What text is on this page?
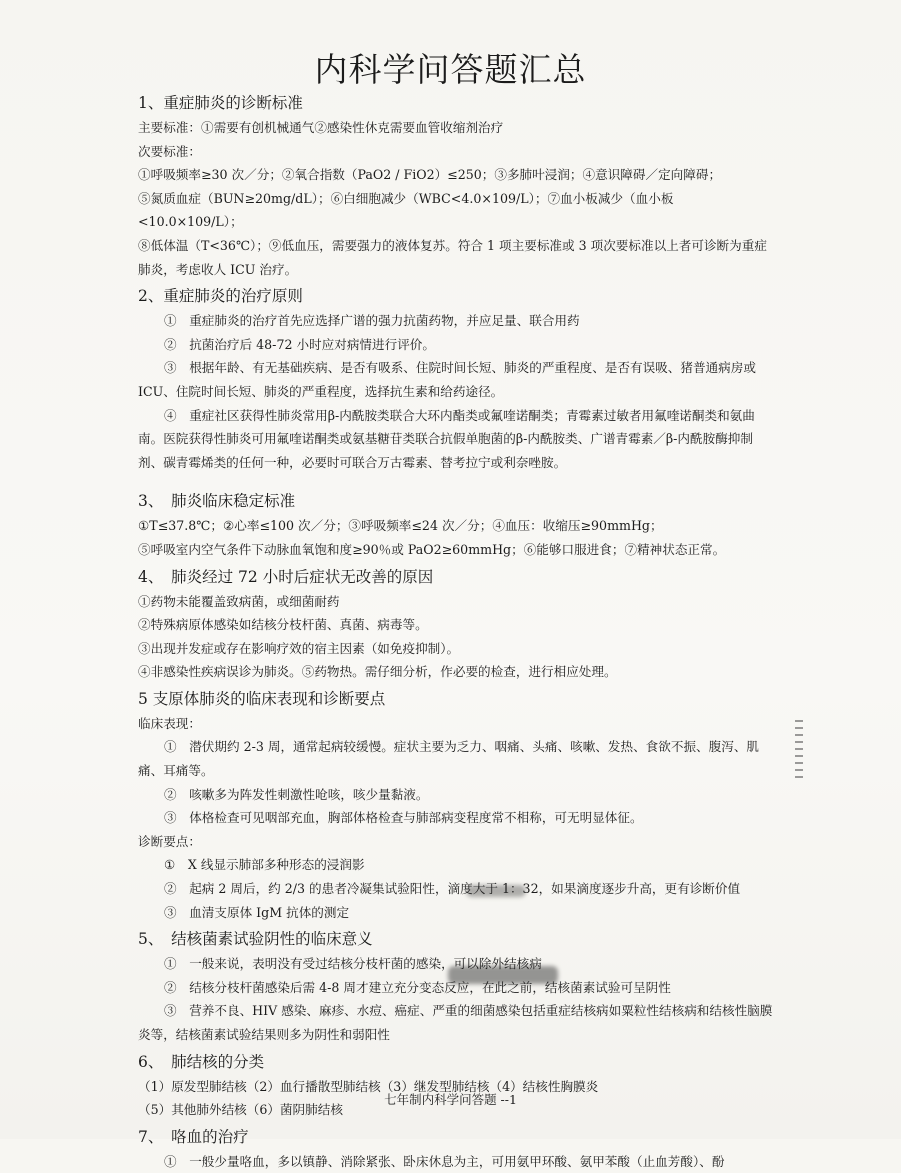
内科学问答题汇总
1、重症肺炎的诊断标准
主要标准：①需要有创机械通气②感染性休克需要血管收缩剂治疗
次要标准：
①呼吸频率≥30 次／分；②氧合指数（PaO2 / FiO2）≤250；③多肺叶浸润；④意识障碍／定向障碍；
⑤氮质血症（BUN≥20mg/dL）；⑥白细胞减少（WBC<4.0×109/L）；⑦血小板减少（血小板<10.0×109/L）；
⑧低体温（T<36℃）；⑨低血压，需要强力的液体复苏。符合 1 项主要标准或 3 项次要标准以上者可诊断为重症肺炎，考虑收人 ICU 治疗。
2、重症肺炎的治疗原则
①　重症肺炎的治疗首先应选择广谱的强力抗菌药物，并应足量、联合用药
②　抗菌治疗后 48-72 小时应对病情进行评价。
③　根据年龄、有无基础疾病、是否有吸系、住院时间长短、肺炎的严重程度、是否有误吸、猪普通病房或 ICU、住院时间长短、肺炎的严重程度，选择抗生素和给药途径。
④　重症社区获得性肺炎常用β-内酰胺类联合大环内酯类或氟喹诺酮类；青霉素过敏者用氟喹诺酮类和氨曲南。医院获得性肺炎可用氟喹诺酮类或氨基糖苷类联合抗假单胞菌的β-内酰胺类、广谱青霉素／β-内酰胺酶抑制剂、碳青霉烯类的任何一种，必要时可联合万古霉素、替考拉宁或利奈唑胺。
3、　肺炎临床稳定标准
①T≤37.8℃；②心率≤100 次／分；③呼吸频率≤24 次／分；④血压：收缩压≥90mmHg；
⑤呼吸室内空气条件下动脉血氧饱和度≥90％或 PaO2≥60mmHg；⑥能够口服进食；⑦精神状态正常。
4、　肺炎经过 72 小时后症状无改善的原因
①药物未能覆盖致病菌，或细菌耐药
②特殊病原体感染如结核分枝杆菌、真菌、病毒等。
③出现并发症或存在影响疗效的宿主因素（如免疫抑制）。
④非感染性疾病误诊为肺炎。⑤药物热。需仔细分析，作必要的检查，进行相应处理。
5 支原体肺炎的临床表现和诊断要点
临床表现：
①　潜伏期约 2-3 周，通常起病较缓慢。症状主要为乏力、咽痛、头痛、咳嗽、发热、食欲不振、腹泻、肌痛、耳痛等。
②　咳嗽多为阵发性刺激性呛咳，咳少量黏液。
③　体格检查可见咽部充血，胸部体格检查与肺部病变程度常不相称，可无明显体征。
诊断要点：
①　X 线显示肺部多种形态的浸润影
②　起病 2 周后，约 2/3 的患者冷凝集试验阳性，滴度大于 1：32，如果滴度逐步升高，更有诊断价值
③　血清支原体 IgM 抗体的测定
5、　结核菌素试验阴性的临床意义
①　一般来说，表明没有受过结核分枝杆菌的感染，可以除外结核病
②　结核分枝杆菌感染后需 4-8 周才建立充分变态反应，在此之前，结核菌素试验可呈阴性
③　营养不良、HIV 感染、麻疹、水痘、癌症、严重的细菌感染包括重症结核病如粟粒性结核病和结核性脑膜炎等，结核菌素试验结果则多为阴性和弱阳性
6、　肺结核的分类
（1）原发型肺结核（2）血行播散型肺结核（3）继发型肺结核（4）结核性胸膜炎
（5）其他肺外结核（6）菌阴肺结核
7、　咯血的治疗
①　一般少量咯血，多以镇静、消除紧张、卧床休息为主，可用氨甲环酸、氨甲苯酸（止血芳酸）、酚
七年制内科学问答题 --1
